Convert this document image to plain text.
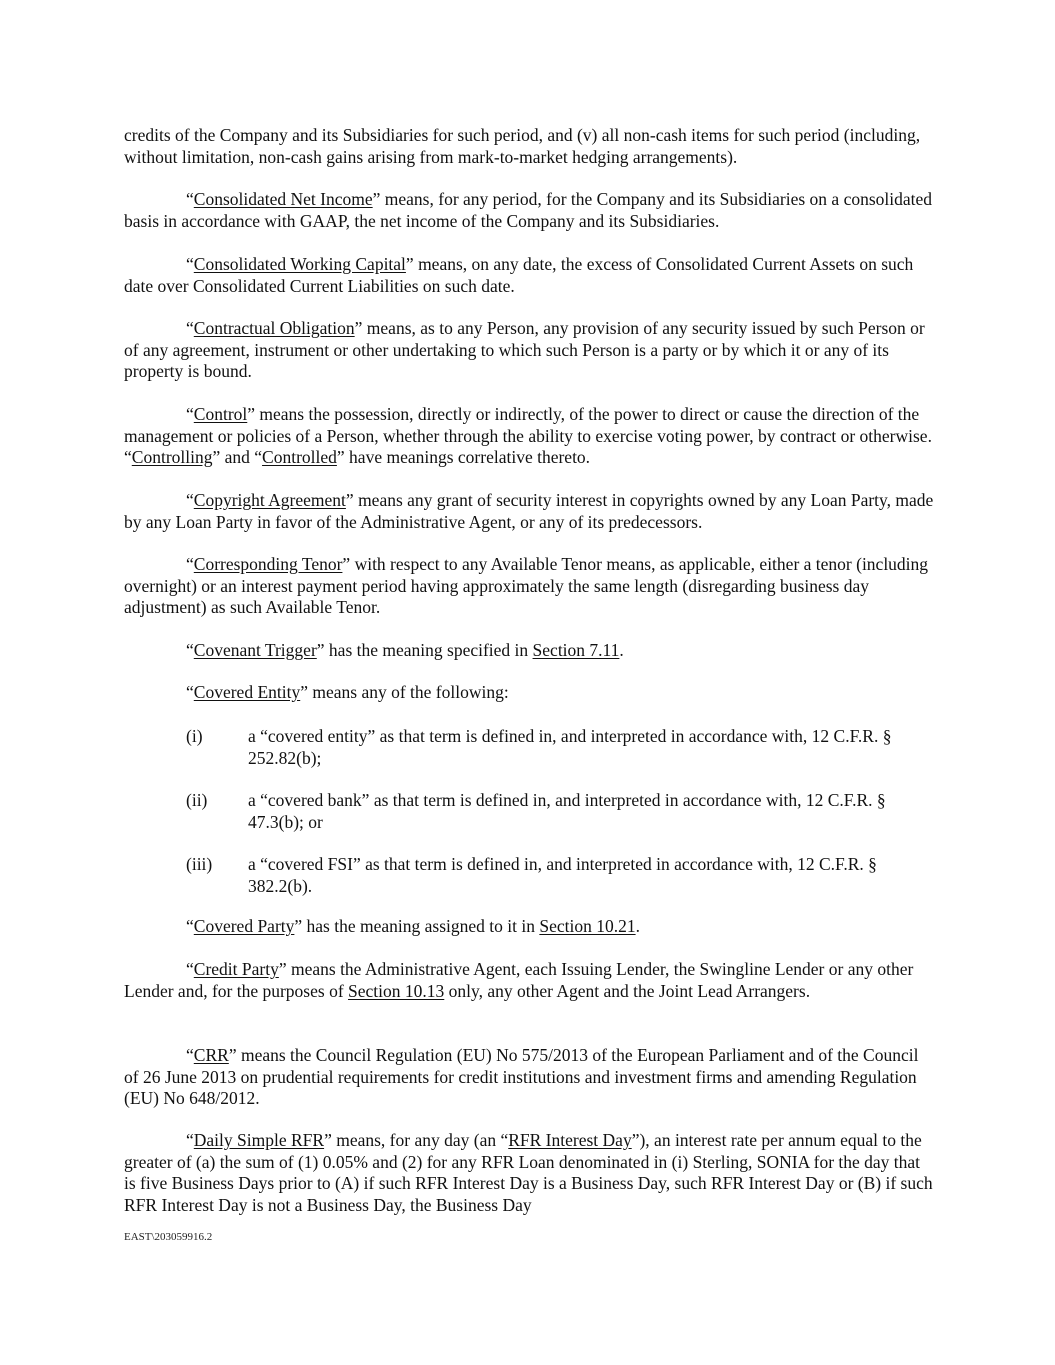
credits of the Company and its Subsidiaries for such period, and (v) all non-cash items for such period (including, without limitation, non-cash gains arising from mark-to-market hedging arrangements).

“Consolidated Net Income” means, for any period, for the Company and its Subsidiaries on a consolidated basis in accordance with GAAP, the net income of the Company and its Subsidiaries.

“Consolidated Working Capital” means, on any date, the excess of Consolidated Current Assets on such date over Consolidated Current Liabilities on such date.

“Contractual Obligation” means, as to any Person, any provision of any security issued by such Person or of any agreement, instrument or other undertaking to which such Person is a party or by which it or any of its property is bound.

“Control” means the possession, directly or indirectly, of the power to direct or cause the direction of the management or policies of a Person, whether through the ability to exercise voting power, by contract or otherwise. “Controlling” and “Controlled” have meanings correlative thereto.

“Copyright Agreement” means any grant of security interest in copyrights owned by any Loan Party, made by any Loan Party in favor of the Administrative Agent, or any of its predecessors.

“Corresponding Tenor” with respect to any Available Tenor means, as applicable, either a tenor (including overnight) or an interest payment period having approximately the same length (disregarding business day adjustment) as such Available Tenor.

“Covenant Trigger” has the meaning specified in Section 7.11.

“Covered Entity” means any of the following:

(i)	a “covered entity” as that term is defined in, and interpreted in accordance with, 12 C.F.R. § 252.82(b);
(ii) a “covered bank” as that term is defined in, and interpreted in accordance with, 12 C.F.R. § 47.3(b); or
(iii) a “covered FSI” as that term is defined in, and interpreted in accordance with, 12 C.F.R. § 382.2(b).

“Covered Party” has the meaning assigned to it in Section 10.21.

“Credit Party” means the Administrative Agent, each Issuing Lender, the Swingline Lender or any other Lender and, for the purposes of Section 10.13 only, any other Agent and the Joint Lead Arrangers.

“CRR” means the Council Regulation (EU) No 575/2013 of the European Parliament and of the Council of 26 June 2013 on prudential requirements for credit institutions and investment firms and amending Regulation (EU) No 648/2012.

“Daily Simple RFR” means, for any day (an “RFR Interest Day”), an interest rate per annum equal to the greater of (a) the sum of (1) 0.05% and (2) for any RFR Loan denominated in (i) Sterling, SONIA for the day that is five Business Days prior to (A) if such RFR Interest Day is a Business Day, such RFR Interest Day or (B) if such RFR Interest Day is not a Business Day, the Business Day

EAST\203059916.2
